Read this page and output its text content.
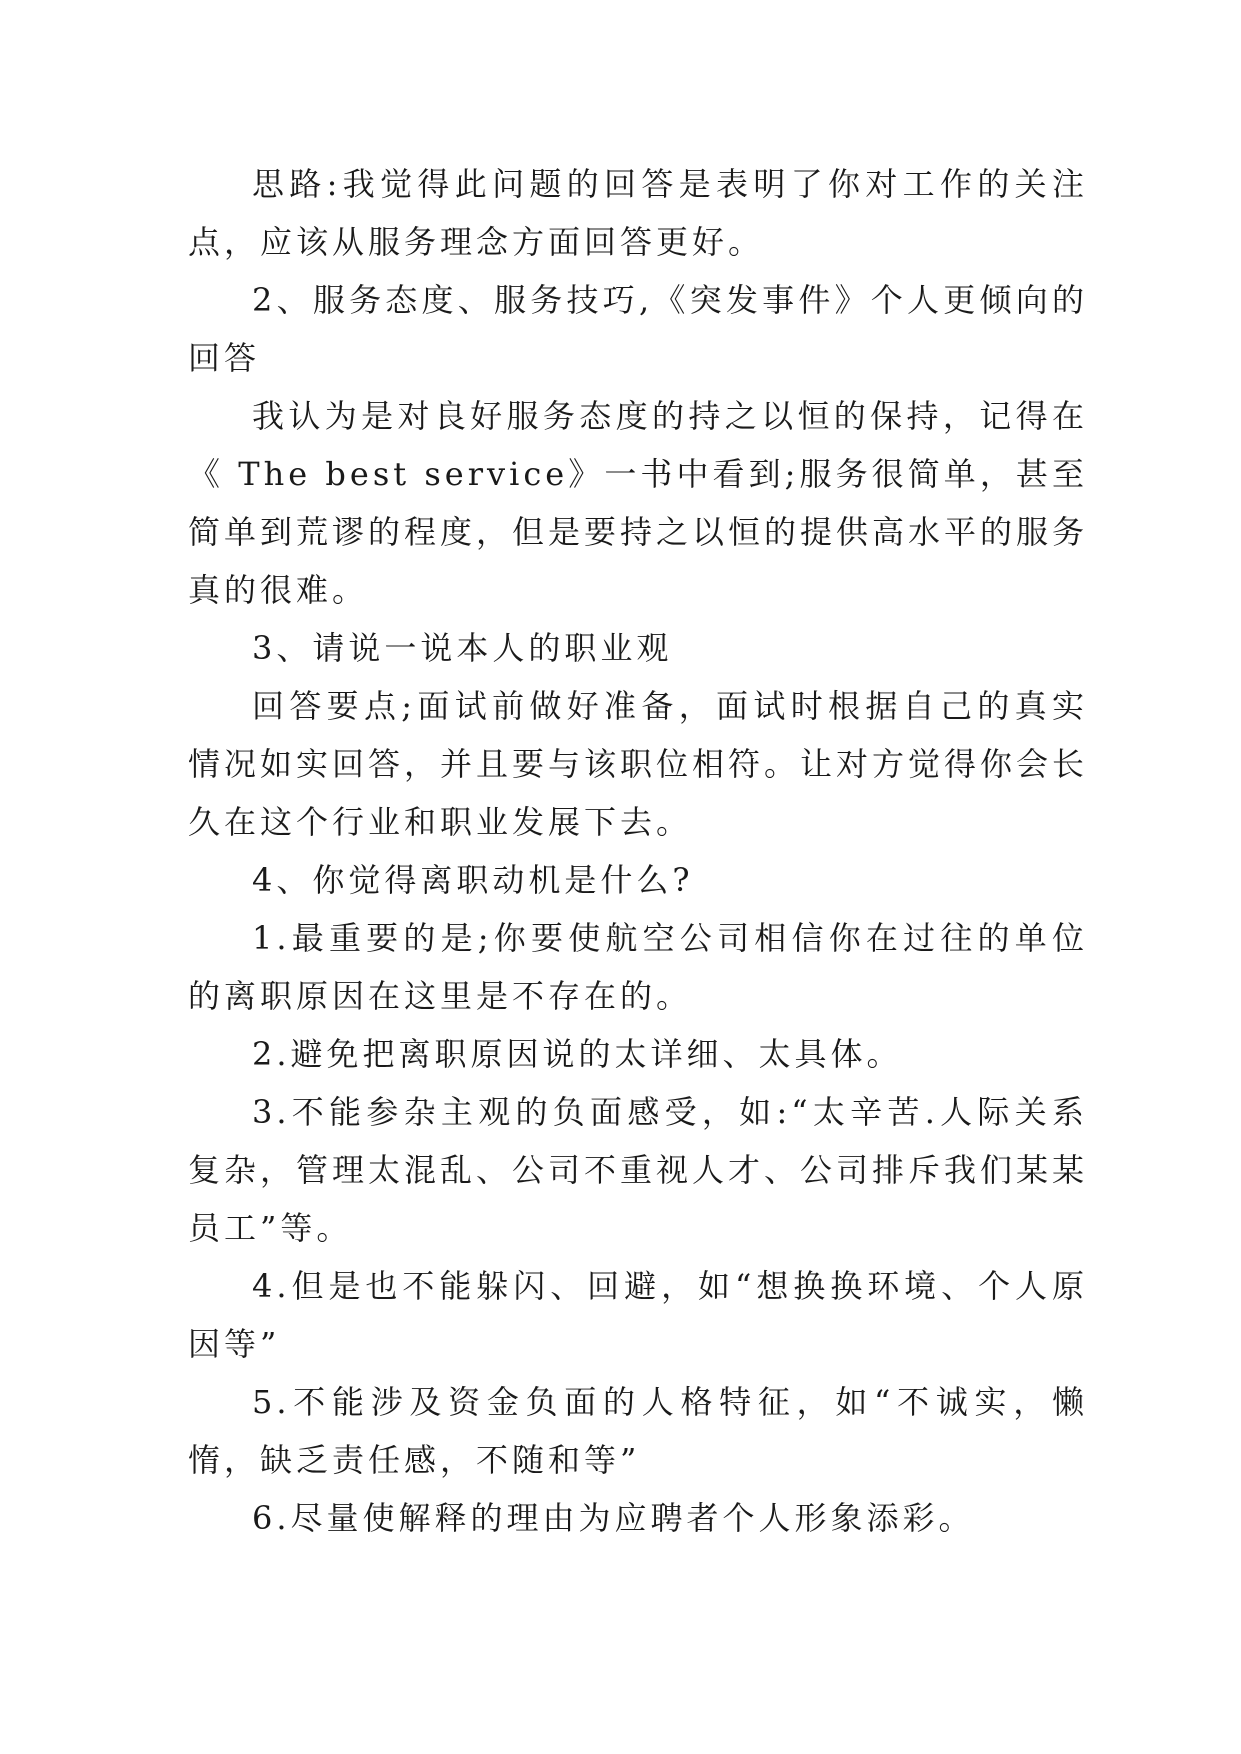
思路:我觉得此问题的回答是表明了你对工作的关注点，应该从服务理念方面回答更好。

2、服务态度、服务技巧,《突发事件》个人更倾向的回答

我认为是对良好服务态度的持之以恒的保持，记得在《 The best service》一书中看到;服务很简单，甚至简单到荒谬的程度，但是要持之以恒的提供高水平的服务真的很难。

3、请说一说本人的职业观

回答要点;面试前做好准备，面试时根据自己的真实情况如实回答，并且要与该职位相符。让对方觉得你会长久在这个行业和职业发展下去。

4、你觉得离职动机是什么?

1.最重要的是;你要使航空公司相信你在过往的单位的离职原因在这里是不存在的。

2.避免把离职原因说的太详细、太具体。

3.不能参杂主观的负面感受，如:“太辛苦.人际关系复杂，管理太混乱、公司不重视人才、公司排斥我们某某员工”等。

4.但是也不能躲闪、回避，如“想换换环境、个人原因等”

5.不能涉及资金负面的人格特征，如“不诚实，懒惰，缺乏责任感，不随和等”

6.尽量使解释的理由为应聘者个人形象添彩。
